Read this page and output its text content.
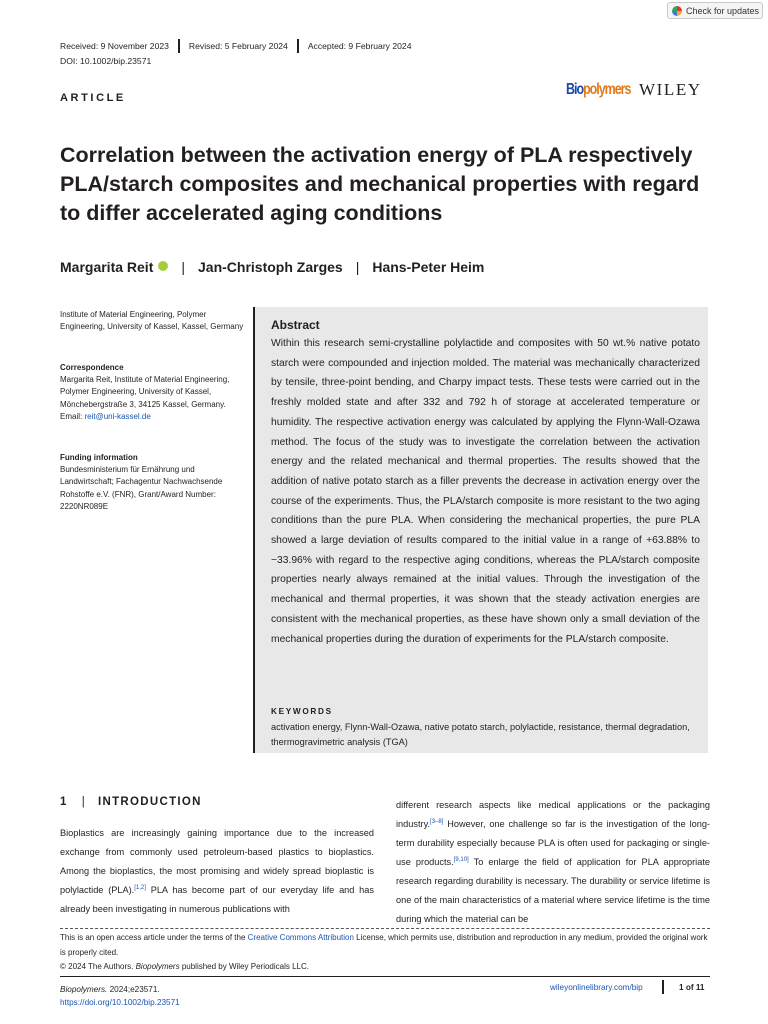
Check for updates
Received: 9 November 2023 Revised: 5 February 2024 Accepted: 9 February 2024
DOI: 10.1002/bip.23571
ARTICLE	Biopolymers WILEY
Correlation between the activation energy of PLA respectively PLA/starch composites and mechanical properties with regard to differ accelerated aging conditions
Margarita Reit | Jan-Christoph Zarges | Hans-Peter Heim
Institute of Material Engineering, Polymer Engineering, University of Kassel, Kassel, Germany
Correspondence
Margarita Reit, Institute of Material Engineering, Polymer Engineering, University of Kassel, Mönchebergstraße 3, 34125 Kassel, Germany.
Email: reit@uni-kassel.de
Funding information
Bundesministerium für Ernährung und Landwirtschaft; Fachagentur Nachwachsende Rohstoffe e.V. (FNR), Grant/Award Number: 2220NR089E
Abstract
Within this research semi-crystalline polylactide and composites with 50 wt.% native potato starch were compounded and injection molded. The material was mechanically characterized by tensile, three-point bending, and Charpy impact tests. These tests were carried out in the freshly molded state and after 332 and 792 h of storage at accelerated temperature or humidity. The respective activation energy was calculated by applying the Flynn-Wall-Ozawa method. The focus of the study was to investigate the correlation between the activation energy and the related mechanical and thermal properties. The results showed that the addition of native potato starch as a filler prevents the decrease in activation energy over the course of the experiments. Thus, the PLA/starch composite is more resistant to the two aging conditions than the pure PLA. When considering the mechanical properties, the pure PLA showed a large deviation of results compared to the initial value in a range of +63.88% to −33.96% with regard to the respective aging conditions, whereas the PLA/starch composite properties nearly always remained at the initial values. Through the investigation of the mechanical and thermal properties, it was shown that the steady activation energies are consistent with the mechanical properties, as these have shown only a small deviation of the mechanical properties during the duration of experiments for the PLA/starch composite.
KEYWORDS
activation energy, Flynn-Wall-Ozawa, native potato starch, polylactide, resistance, thermal degradation, thermogravimetric analysis (TGA)
1 | INTRODUCTION
Bioplastics are increasingly gaining importance due to the increased exchange from commonly used petroleum-based plastics to bioplastics. Among the bioplastics, the most promising and widely spread bioplastic is polylactide (PLA).[1,2] PLA has become part of our everyday life and has already been investigating in numerous publications with
different research aspects like medical applications or the packaging industry.[3–8] However, one challenge so far is the investigation of the long-term durability especially because PLA is often used for packaging or single-use products.[9,10] To enlarge the field of application for PLA appropriate research regarding durability is necessary. The durability or service lifetime is one of the main characteristics of a material where service lifetime is the time during which the material can be
This is an open access article under the terms of the Creative Commons Attribution License, which permits use, distribution and reproduction in any medium, provided the original work is properly cited.
© 2024 The Authors. Biopolymers published by Wiley Periodicals LLC.
Biopolymers. 2024;e23571.
https://doi.org/10.1002/bip.23571
wileyonlinelibrary.com/bip	1 of 11
